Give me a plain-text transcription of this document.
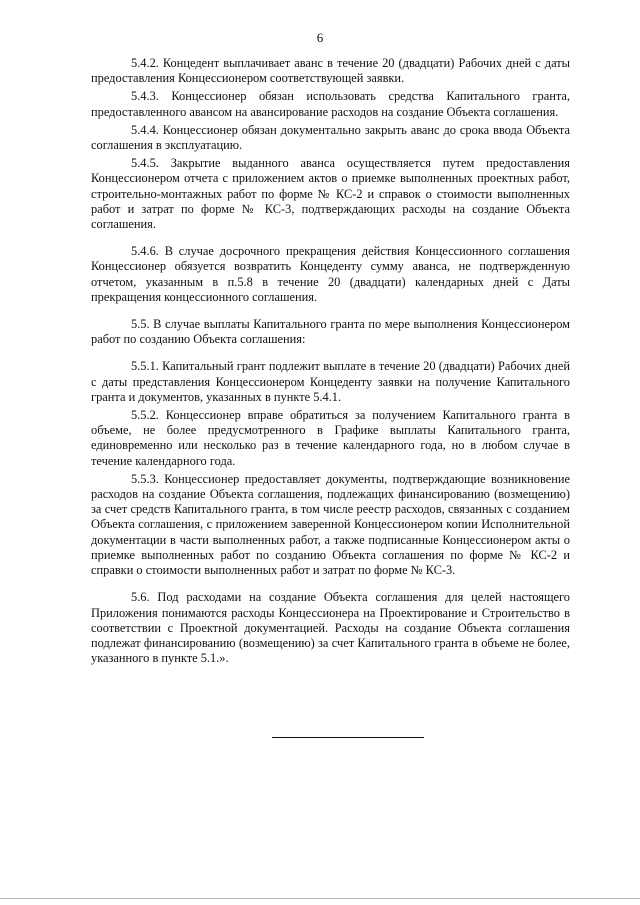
6

5.4.2. Концедент выплачивает аванс в течение 20 (двадцати) Рабочих дней с даты предоставления Концессионером соответствующей заявки.

5.4.3. Концессионер обязан использовать средства Капитального гранта, предоставленного авансом на авансирование расходов на создание Объекта соглашения.

5.4.4. Концессионер обязан документально закрыть аванс до срока ввода Объекта соглашения в эксплуатацию.

5.4.5. Закрытие выданного аванса осуществляется путем предоставления Концессионером отчета с приложением актов о приемке выполненных проектных работ, строительно-монтажных работ по форме № КС-2 и справок о стоимости выполненных работ и затрат по форме № КС-3, подтверждающих расходы на создание Объекта соглашения.

5.4.6. В случае досрочного прекращения действия Концессионного соглашения Концессионер обязуется возвратить Концеденту сумму аванса, не подтвержденную отчетом, указанным в п.5.8 в течение 20 (двадцати) календарных дней с Даты прекращения концессионного соглашения.

5.5. В случае выплаты Капитального гранта по мере выполнения Концессионером работ по созданию Объекта соглашения:

5.5.1. Капитальный грант подлежит выплате в течение 20 (двадцати) Рабочих дней с даты представления Концессионером Концеденту заявки на получение Капитального гранта и документов, указанных в пункте 5.4.1.

5.5.2. Концессионер вправе обратиться за получением Капитального гранта в объеме, не более предусмотренного в Графике выплаты Капитального гранта, единовременно или несколько раз в течение календарного года, но в любом случае в течение календарного года.

5.5.3. Концессионер предоставляет документы, подтверждающие возникновение расходов на создание Объекта соглашения, подлежащих финансированию (возмещению) за счет средств Капитального гранта, в том числе реестр расходов, связанных с созданием Объекта соглашения, с приложением заверенной Концессионером копии Исполнительной документации в части выполненных работ, а также подписанные Концессионером акты о приемке выполненных работ по созданию Объекта соглашения по форме № КС-2 и справки о стоимости выполненных работ и затрат по форме № КС-3.

5.6. Под расходами на создание Объекта соглашения для целей настоящего Приложения понимаются расходы Концессионера на Проектирование и Строительство в соответствии с Проектной документацией. Расходы на создание Объекта соглашения подлежат финансированию (возмещению) за счет Капитального гранта в объеме не более, указанного в пункте 5.1.».
